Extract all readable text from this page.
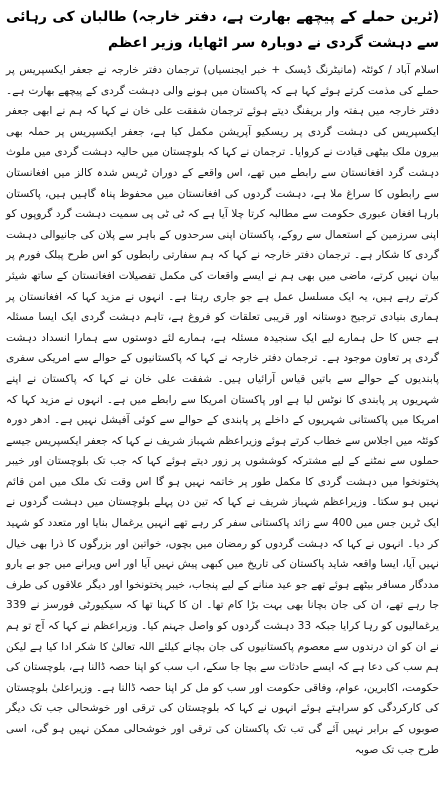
(ٹرین حملے کے پیچھے بھارت ہے، دفتر خارجہ) طالبان کی رہائی سے دہشت گردی نے دوبارہ سر اٹھایا، وزیر اعظم

اسلام آباد / کوئٹہ (مانیٹرنگ ڈیسک + خبر ایجنسیاں) ترجمان دفتر خارجہ نے جعفر ایکسپریس پر حملے کی مذمت کرتے ہوئے کہا ہے کہ پاکستان میں ہونے والی دہشت گردی کے پیچھے بھارت ہے۔ دفتر خارجہ میں ہفتہ وار بریفنگ دیتے ہوئے ترجمان شفقت علی خان نے کہا کہ ہم نے ابھی جعفر ایکسپریس کی دہشت گردی پر ریسکیو آپریشن مکمل کیا ہے، جعفر ایکسپریس پر حملہ بھی بیرون ملک بیٹھی قیادت نے کروایا۔ ترجمان نے کہا کہ بلوچستان میں حالیہ دہشت گردی میں ملوث دہشت گرد افغانستان سے رابطے میں تھے، اس واقعے کے دوران ٹریس شدہ کالز میں افغانستان سے رابطوں کا سراغ ملا ہے، دہشت گردوں کی افغانستان میں محفوظ پناہ گاہیں ہیں، پاکستان بارہا افغان عبوری حکومت سے مطالبہ کرتا چلا آیا ہے کہ ٹی ٹی پی سمیت دہشت گرد گروپوں کو اپنی سرزمین کے استعمال سے روکے، پاکستان اپنی سرحدوں کے باہر سے پلان کی جانیوالی دہشت گردی کا شکار ہے۔ ترجمان دفتر خارجہ نے کہا کہ ہم سفارتی رابطوں کو اس طرح پبلک فورم پر بیان نہیں کرتے، ماضی میں بھی ہم نے ایسے واقعات کی مکمل تفصیلات افغانستان کے ساتھ شیئر کرتے رہے ہیں، یہ ایک مسلسل عمل ہے جو جاری رہتا ہے۔ انہوں نے مزید کہا کہ افغانستان پر ہماری بنیادی ترجیح دوستانہ اور قریبی تعلقات کو فروغ ہے، تاہم دہشت گردی ایک ایسا مسئلہ ہے جس کا حل ہمارے لیے ایک سنجیدہ مسئلہ ہے، ہمارے لئے دوستوں سے ہمارا انسداد دہشت گردی پر تعاون موجود ہے۔ ترجمان دفتر خارجہ نے کہا کہ پاکستانیوں کے حوالے سے امریکی سفری پابندیوں کے حوالے سے باتیں قیاس آرائیاں ہیں۔ شفقت علی خان نے کہا کہ پاکستان نے اپنے شہریوں پر پابندی کا نوٹس لیا ہے اور پاکستان امریکا سے رابطے میں ہے۔ انہوں نے مزید کہا کہ امریکا میں پاکستانی شہریوں کے داخلے پر پابندی کے حوالے سے کوئی آفیشل نہیں ہے۔ ادھر دورہ کوئٹہ میں اجلاس سے خطاب کرتے ہوئے وزیراعظم شہباز شریف نے کہا کہ جعفر ایکسپریس جیسے حملوں سے نمٹنے کے لیے مشترکہ کوششوں پر زور دیتے ہوئے کہا کہ جب تک بلوچستان اور خیبر پختونخوا میں دہشت گردی کا مکمل طور پر خاتمہ نہیں ہو گا اس وقت تک ملک میں امن قائم نہیں ہو سکتا۔ وزیراعظم شہباز شریف نے کہا کہ تین دن پہلے بلوچستان میں دہشت گردوں نے ایک ٹرین جس میں 400 سے زائد پاکستانی سفر کر رہے تھے انہیں یرغمال بنایا اور متعدد کو شہید کر دیا۔ انہوں نے کہا کہ دہشت گردوں کو رمضان میں بچوں، خواتین اور بزرگوں کا ذرا بھی خیال نہیں آیا، ایسا واقعہ شاید پاکستان کی تاریخ میں کبھی پیش نہیں آیا اور اس ویرانے میں جو بے یارو مددگار مسافر بیٹھے ہوئے تھے جو عید منانے کے لیے پنجاب، خیبر پختونخوا اور دیگر علاقوں کی طرف جا رہے تھے، ان کی جان بچانا بھی بہت بڑا کام تھا۔ ان کا کہنا تھا کہ سیکیورٹی فورسز نے 339 یرغمالیوں کو رہا کرایا جبکہ 33 دہشت گردوں کو واصل جہنم کیا۔ وزیراعظم نے کہا کہ آج تو ہم نے ان کو ان درندوں سے معصوم پاکستانیوں کی جان بچانے کیلئے اللہ تعالیٰ کا شکر ادا کیا ہے لیکن ہم سب کی دعا ہے کہ ایسے حادثات سے بچا جا سکے، اب سب کو اپنا حصہ ڈالنا ہے، بلوچستان کی حکومت، اکابرین، عوام، وفاقی حکومت اور سب کو مل کر اپنا حصہ ڈالنا ہے۔ وزیراعلیٰ بلوچستان کی کارکردگی کو سراہتے ہوئے انہوں نے کہا کہ بلوچستان کی ترقی اور خوشحالی جب تک دیگر صوبوں کے برابر نہیں آئے گی تب تک پاکستان کی ترقی اور خوشحالی ممکن نہیں ہو گی، اسی طرح جب تک صوبہ
